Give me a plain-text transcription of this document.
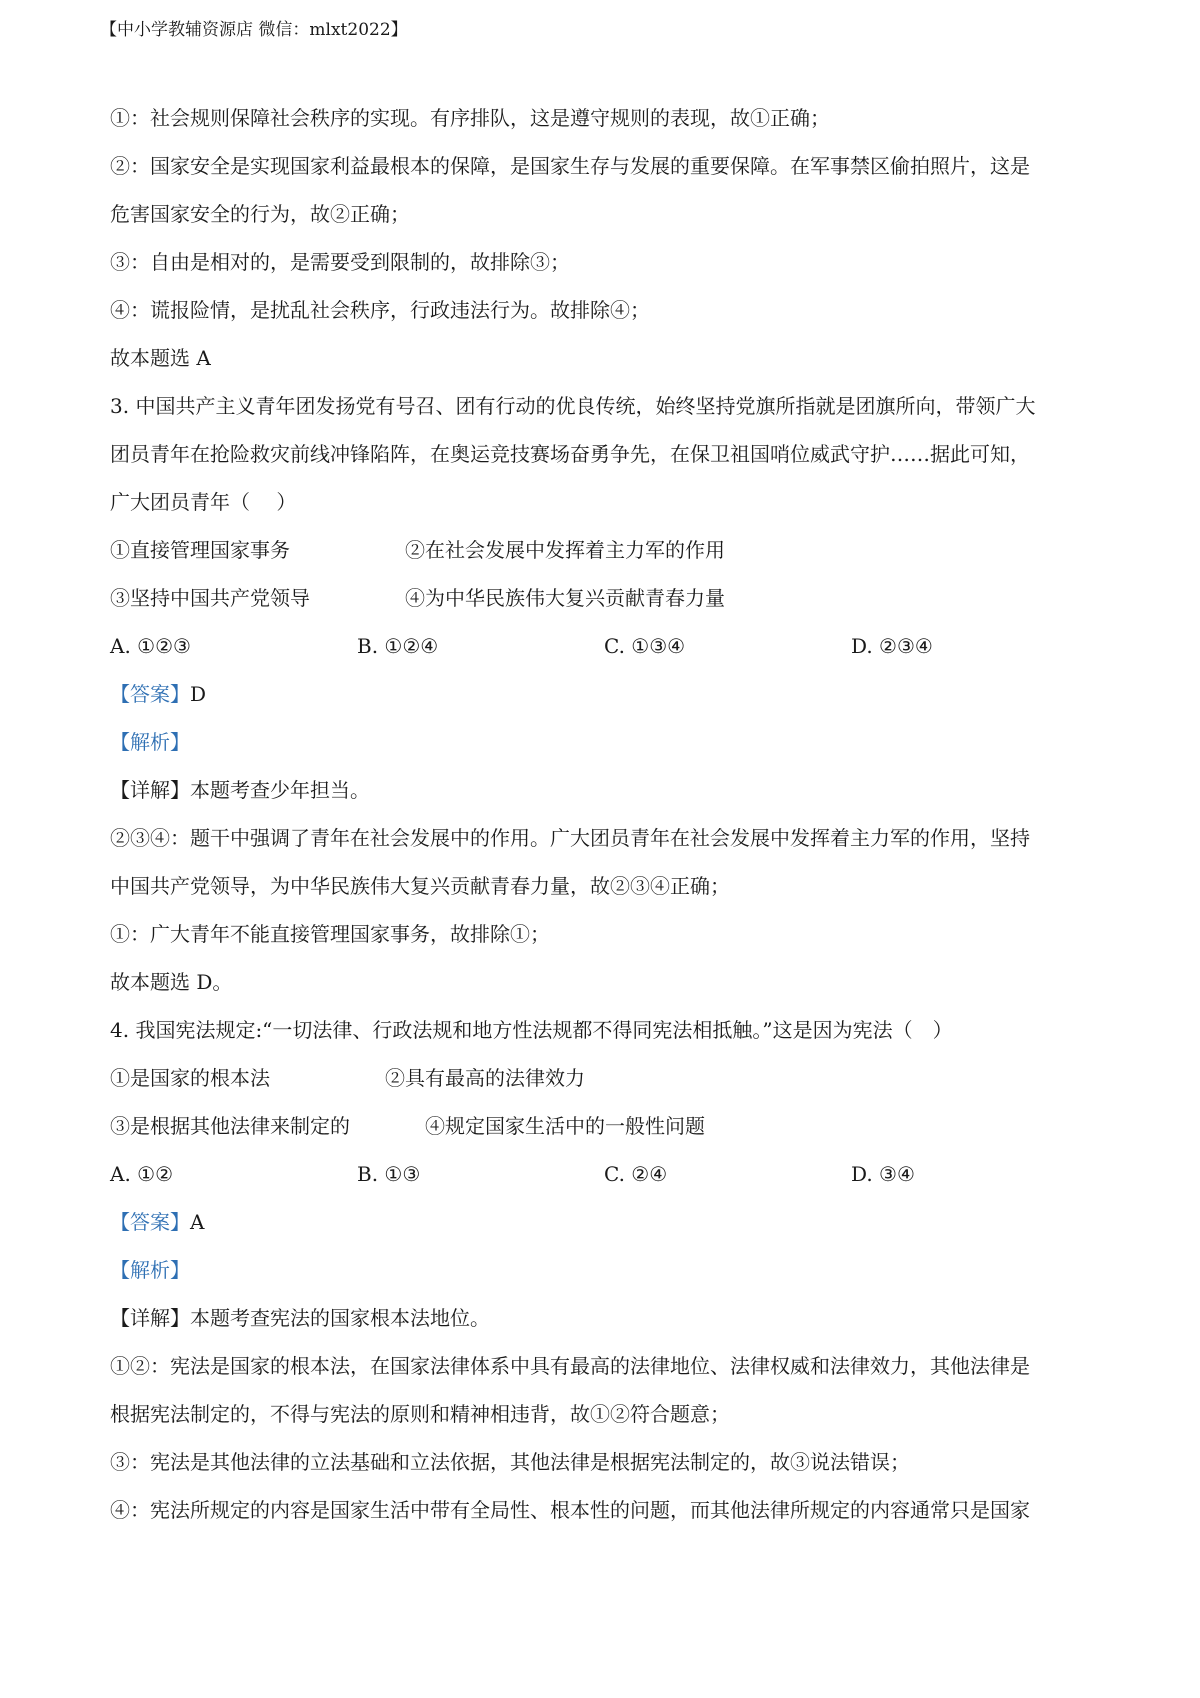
【中小学教辅资源店 微信：mlxt2022】
①：社会规则保障社会秩序的实现。有序排队，这是遵守规则的表现，故①正确；
②：国家安全是实现国家利益最根本的保障，是国家生存与发展的重要保障。在军事禁区偷拍照片，这是
危害国家安全的行为，故②正确；
③：自由是相对的，是需要受到限制的，故排除③；
④：谎报险情，是扰乱社会秩序，行政违法行为。故排除④；
故本题选 A
3. 中国共产主义青年团发扬党有号召、团有行动的优良传统，始终坚持党旗所指就是团旗所向，带领广大
团员青年在抢险救灾前线冲锋陷阵，在奥运竞技赛场奋勇争先，在保卫祖国哨位威武守护……据此可知，
广大团员青年（　 ）
①直接管理国家事务	②在社会发展中发挥着主力军的作用
③坚持中国共产党领导	④为中华民族伟大复兴贡献青春力量
A. ①②③	B. ①②④	C. ①③④	D. ②③④
【答案】D
【解析】
【详解】本题考查少年担当。
②③④：题干中强调了青年在社会发展中的作用。广大团员青年在社会发展中发挥着主力军的作用，坚持
中国共产党领导，为中华民族伟大复兴贡献青春力量，故②③④正确；
①：广大青年不能直接管理国家事务，故排除①；
故本题选 D。
4. 我国宪法规定:“一切法律、行政法规和地方性法规都不得同宪法相抵触。”这是因为宪法（　）
①是国家的根本法	②具有最高的法律效力
③是根据其他法律来制定的	④规定国家生活中的一般性问题
A. ①②	B. ①③	C. ②④	D. ③④
【答案】A
【解析】
【详解】本题考查宪法的国家根本法地位。
①②：宪法是国家的根本法，在国家法律体系中具有最高的法律地位、法律权威和法律效力，其他法律是
根据宪法制定的，不得与宪法的原则和精神相违背，故①②符合题意；
③：宪法是其他法律的立法基础和立法依据，其他法律是根据宪法制定的，故③说法错误；
④：宪法所规定的内容是国家生活中带有全局性、根本性的问题，而其他法律所规定的内容通常只是国家
